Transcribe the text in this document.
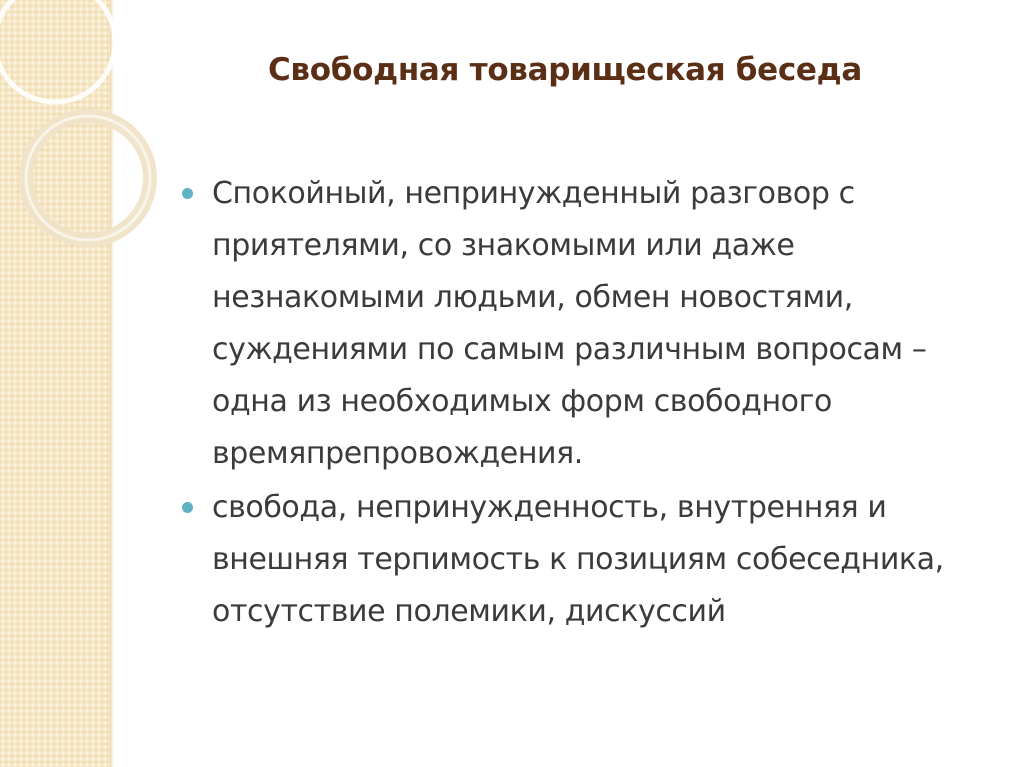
Свободная товарищеская беседа
Спокойный, непринужденный разговор с приятелями, со знакомыми или даже незнакомыми людьми, обмен новостями, суждениями по самым различным вопросам – одна из необходимых форм свободного времяпрепровождения.
свобода, непринужденность, внутренняя и внешняя терпимость к позициям собеседника, отсутствие полемики, дискуссий
